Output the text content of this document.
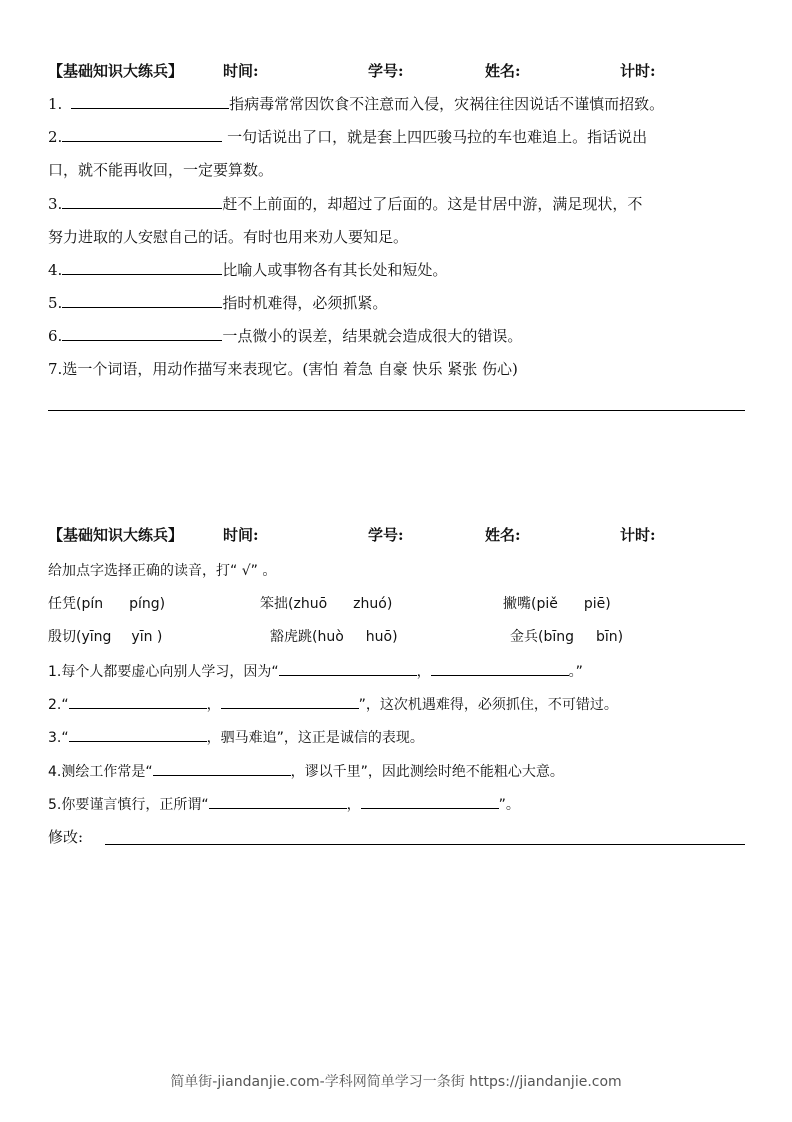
【基础知识大练兵】	时间:	学号:	姓名:	计时:
1.	指病毒常常因饮食不注意而入侵，灾祸往往因说话不谨慎而招致。
2.	一句话说出了口，就是套上四匹骏马拉的车也难追上。指话说出
口，就不能再收回，一定要算数。
3.	赶不上前面的，却超过了后面的。这是甘居中游，满足现状，不
努力进取的人安慰自己的话。有时也用来劝人要知足。
4.	比喻人或事物各有其长处和短处。
5.	指时机难得，必须抓紧。
6.	一点微小的误差，结果就会造成很大的错误。
7.选一个词语，用动作描写来表现它。(害怕 着急 自豪 快乐 紧张 伤心)
【基础知识大练兵】	时间:	学号:	姓名:	计时:
给加点字选择正确的读音，打“ √” 。
任凭(pín píng)	笨拙(zhuō zhuó)	撇嘴(piě piē)
殷切(yīng yīn )	豁虎跳(huò huō)	金兵(bīng bīn)
1.每个人都要虚心向别人学习，因为“	，	。”
2.“	，	”，这次机遇难得，必须抓住，不可错过。
3.“	，驷马难追”，这正是诚信的表现。
4.测绘工作常是“	，谬以千里”，因此测绘时绝不能粗心大意。
5.你要谨言慎行，正所谓“	，	”。
修改:
简单街-jiandanjie.com-学科网简单学习一条街 https://jiandanjie.com
